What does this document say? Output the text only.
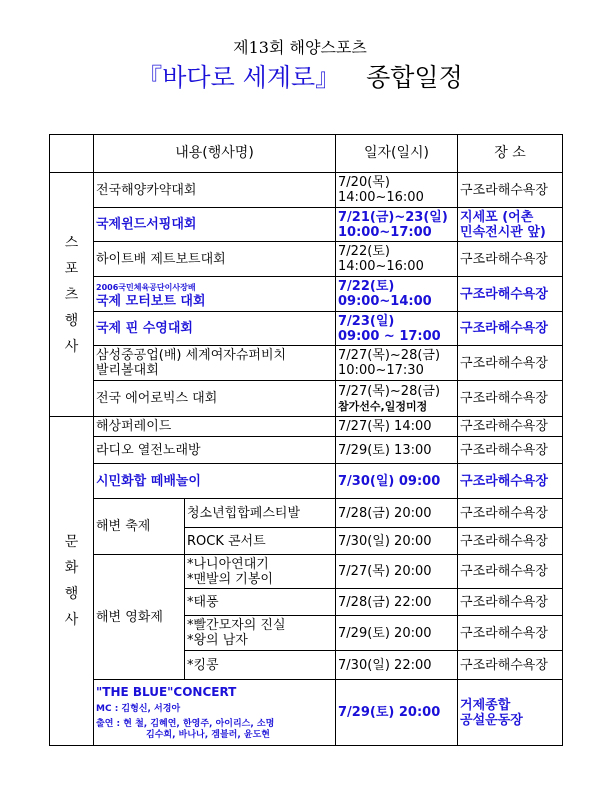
제13회 해양스포츠
『바다로 세계로』 종합일정
	내용(행사명)		일자(일시)	장 소

스
포
츠
행
사	전국해양카약대회		7/20(목)
14:00~16:00	구조라해수욕장
	국제윈드서핑대회		7/21(금)~23(일)
10:00~17:00	지세포 (어촌
민속전시관 앞)
	하이트배 제트보트대회		7/22(토)
14:00~16:00	구조라해수욕장
	2006국민체육공단이사장배
국제 모터보트 대회		7/22(토)
09:00~14:00	구조라해수욕장
	국제 핀 수영대회		7/23(일)
09:00 ~ 17:00	구조라해수욕장
	삼성중공업(배) 세계여자슈퍼비치
발리볼대회		7/27(목)~28(금)
10:00~17:30	구조라해수욕장
	전국 에어로빅스 대회		7/27(목)~28(금)
참가선수,일정미정	구조라해수욕장

문
화
행
사	해상퍼레이드		7/27(목) 14:00	구조라해수욕장
	라디오 열전노래방		7/29(토) 13:00	구조라해수욕장
	시민화합 떼배놀이		7/30(일) 09:00	구조라해수욕장
	해변 축제	청소년힙합페스티발	7/28(금) 20:00	구조라해수욕장
		ROCK 콘서트	7/30(일) 20:00	구조라해수욕장
	해변 영화제	*나니아연대기
*맨발의 기봉이	7/27(목) 20:00	구조라해수욕장
		*태풍	7/28(금) 22:00	구조라해수욕장
		*빨간모자의 진실
*왕의 남자	7/29(토) 20:00	구조라해수욕장
		*킹콩	7/30(일) 22:00	구조라해수욕장
	"THE BLUE"CONCERT
MC : 김형신, 서경아
출연 : 현 철, 김혜연, 한영주, 아이리스, 소명

김수희, 바나나, 겜블러, 윤도현		7/29(토) 20:00	거제종합
공설운동장
